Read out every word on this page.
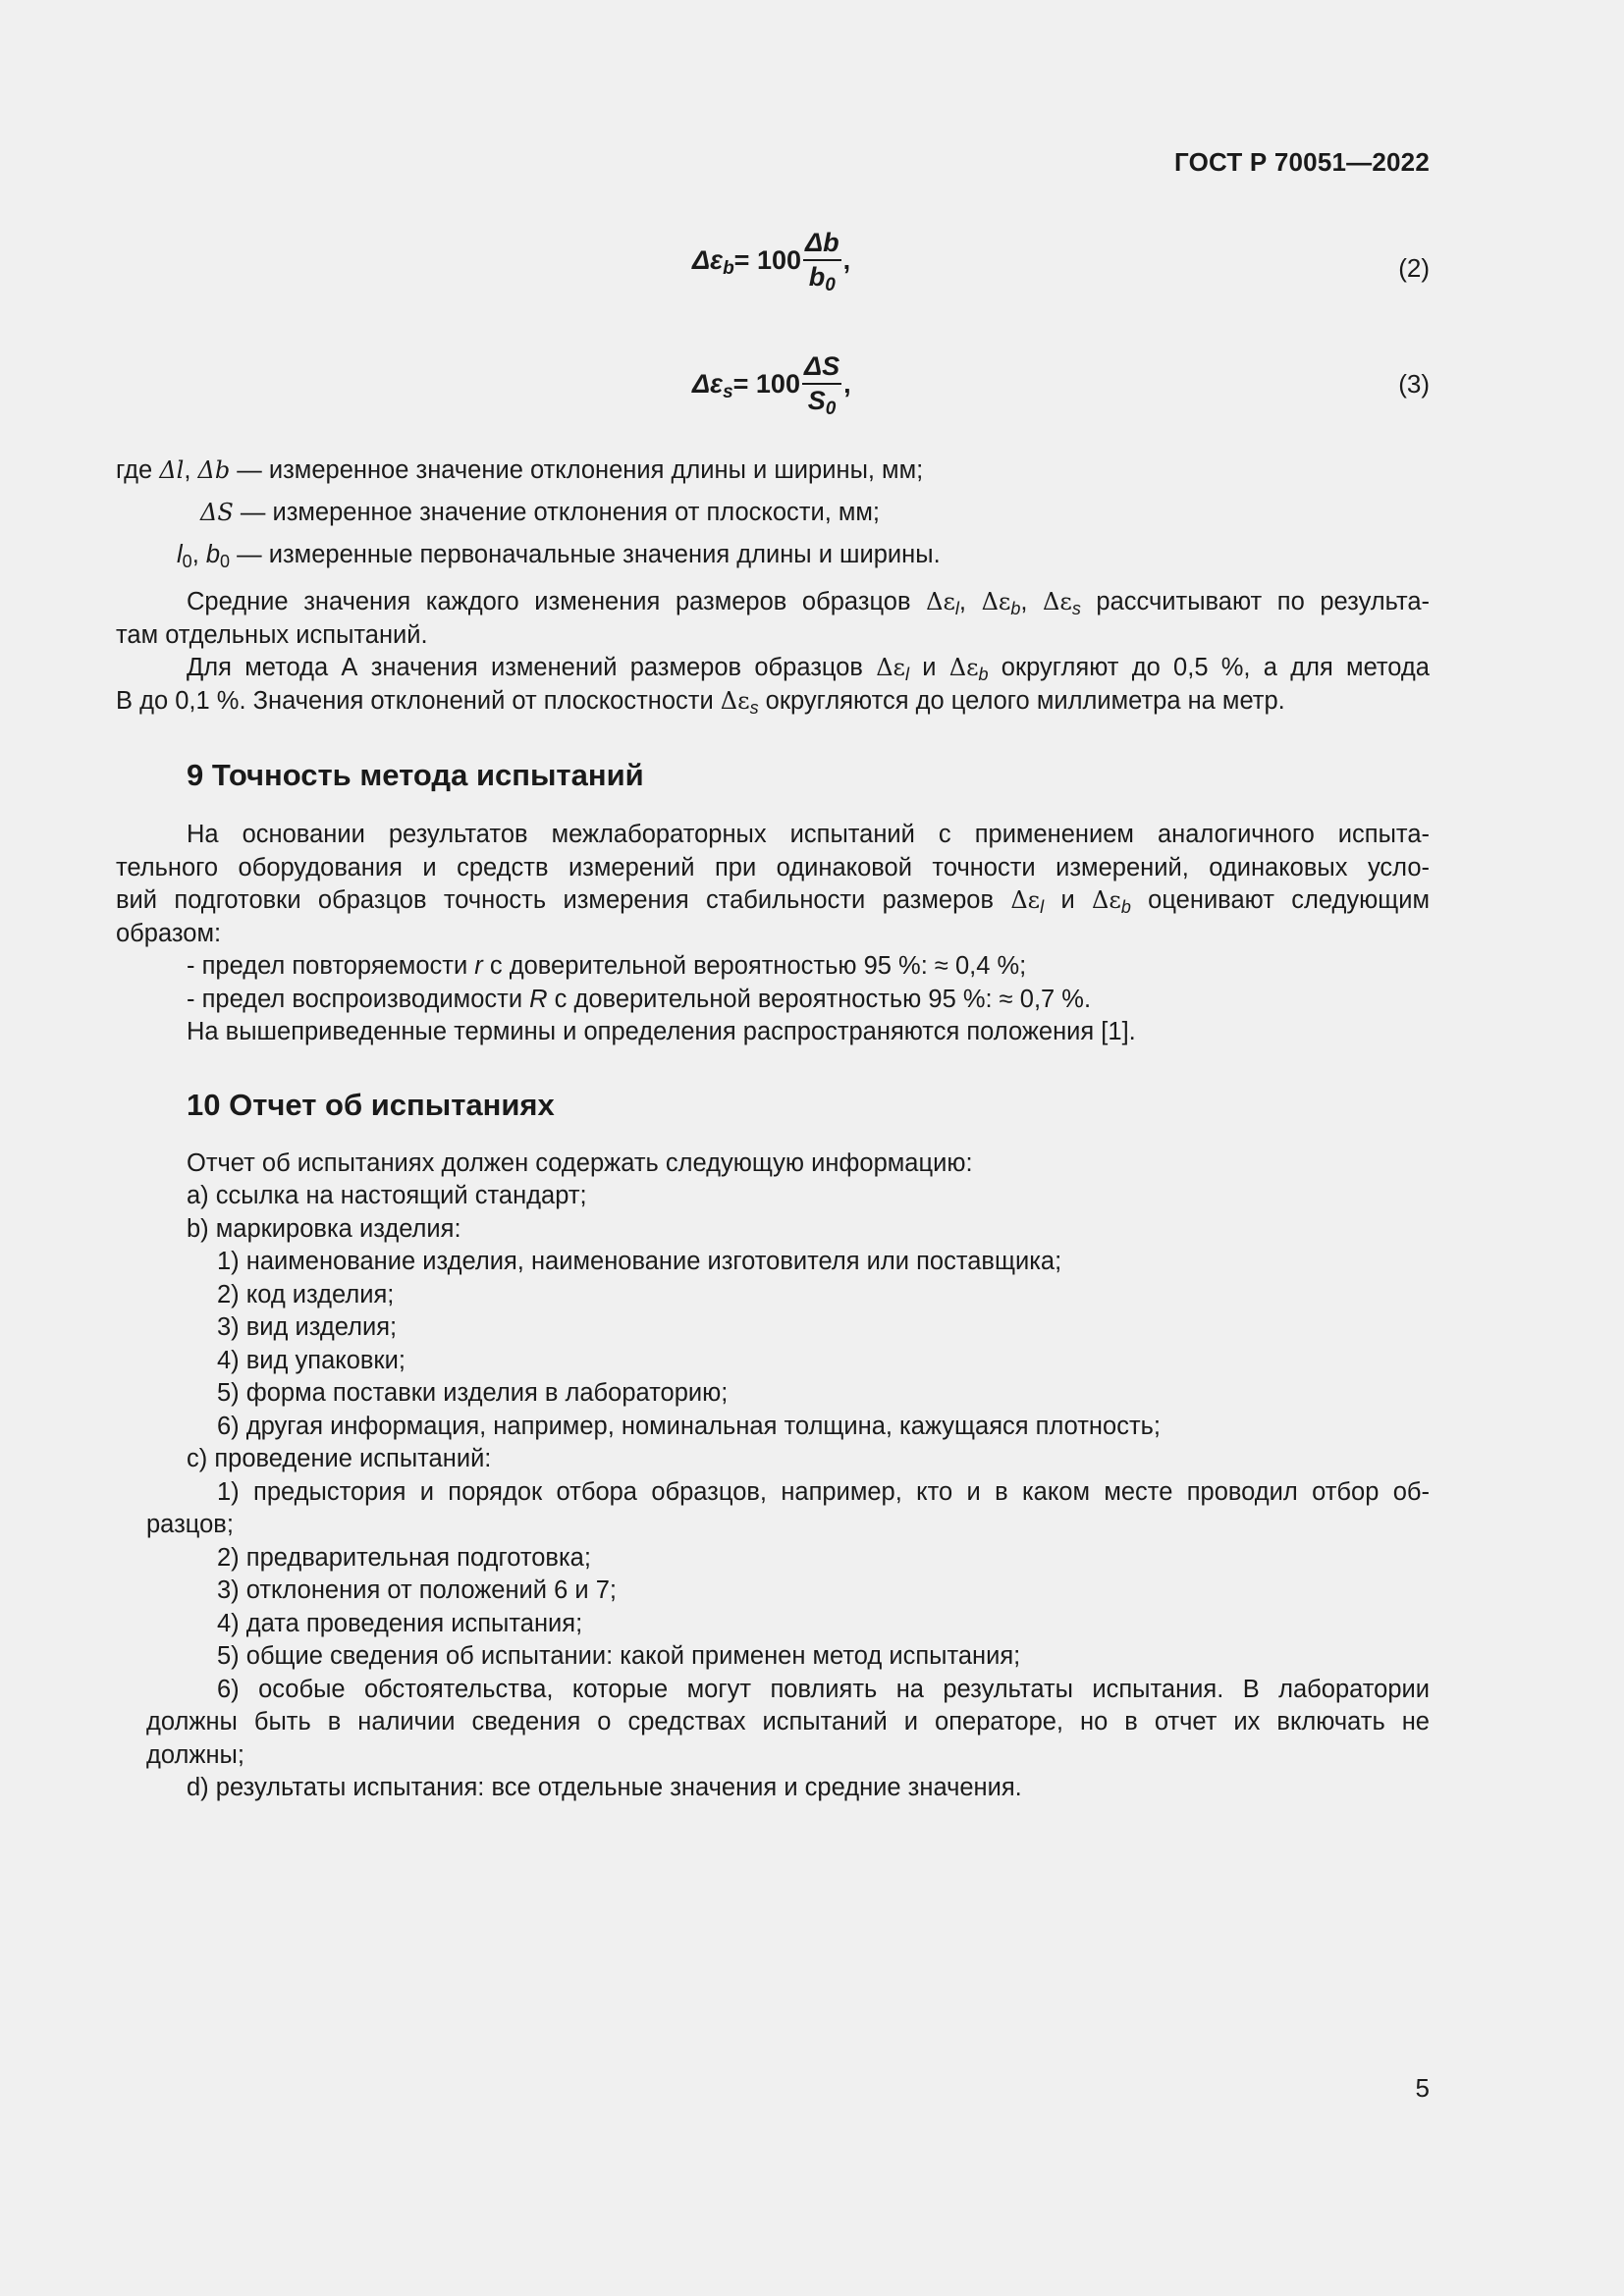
ГОСТ Р 70051—2022
$\Delta\varepsilon_b = 100 \frac{\Delta b}{b_0}$ ,	(2)
$\Delta\varepsilon_s = 100 \frac{\Delta S}{S_0}$ ,	(3)
где Δl, Δb — измеренное значение отклонения длины и ширины, мм;
ΔS — измеренное значение отклонения от плоскости, мм;
$l_0$, $b_0$ — измеренные первоначальные значения длины и ширины.
Средние значения каждого изменения размеров образцов $\Delta\varepsilon_l$, $\Delta\varepsilon_b$, $\Delta\varepsilon_s$ рассчитывают по результа-
там отдельных испытаний.
Для метода А значения изменений размеров образцов $\Delta\varepsilon_l$ и $\Delta\varepsilon_b$ округляют до 0,5 %, а для метода
В до 0,1 %. Значения отклонений от плоскостности $\Delta\varepsilon_s$ округляются до целого миллиметра на метр.
9 Точность метода испытаний
На основании результатов межлабораторных испытаний с применением аналогичного испыта-
тельного оборудования и средств измерений при одинаковой точности измерений, одинаковых усло-
вий подготовки образцов точность измерения стабильности размеров $\Delta\varepsilon_l$ и $\Delta\varepsilon_b$ оценивают следующим
образом:
- предел повторяемости r с доверительной вероятностью 95 %: ≈ 0,4 %;
- предел воспроизводимости R с доверительной вероятностью 95 %: ≈ 0,7 %.
На вышеприведенные термины и определения распространяются положения [1].
10 Отчет об испытаниях
Отчет об испытаниях должен содержать следующую информацию:
a) ссылка на настоящий стандарт;
b) маркировка изделия:
1) наименование изделия, наименование изготовителя или поставщика;
2) код изделия;
3) вид изделия;
4) вид упаковки;
5) форма поставки изделия в лабораторию;
6) другая информация, например, номинальная толщина, кажущаяся плотность;
c) проведение испытаний:
1) предыстория и порядок отбора образцов, например, кто и в каком месте проводил отбор об-
разцов;
2) предварительная подготовка;
3) отклонения от положений 6 и 7;
4) дата проведения испытания;
5) общие сведения об испытании: какой применен метод испытания;
6) особые обстоятельства, которые могут повлиять на результаты испытания. В лаборатории
должны быть в наличии сведения о средствах испытаний и операторе, но в отчет их включать не
должны;
d) результаты испытания: все отдельные значения и средние значения.
5
